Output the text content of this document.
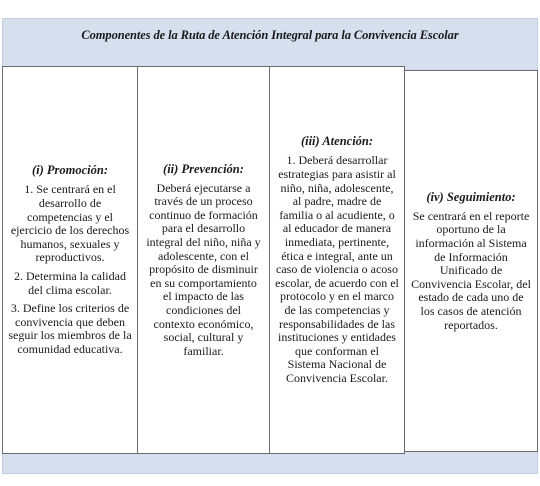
Componentes de la Ruta de Atención Integral para la Convivencia Escolar
(i) Promoción:
1. Se centrará en el desarrollo de competencias y el ejercicio de los derechos humanos, sexuales y reproductivos.
2. Determina la calidad del clima escolar.
3. Define los criterios de convivencia que deben seguir los miembros de la comunidad educativa.
(ii) Prevención:
Deberá ejecutarse a través de un proceso continuo de formación para el desarrollo integral del niño, niña y adolescente, con el propósito de disminuir en su comportamiento el impacto de las condiciones del contexto económico, social, cultural y familiar.
(iii) Atención:
1. Deberá desarrollar estrategias para asistir al niño, niña, adolescente, al padre, madre de familia o al acudiente, o al educador de manera inmediata, pertinente, ética e integral, ante un caso de violencia o acoso escolar, de acuerdo con el protocolo y en el marco de las competencias y responsabilidades de las instituciones y entidades que conforman el Sistema Nacional de Convivencia Escolar.
(iv) Seguimiento:
Se centrará en el reporte oportuno de la información al Sistema de Información Unificado de Convivencia Escolar, del estado de cada uno de los casos de atención reportados.
